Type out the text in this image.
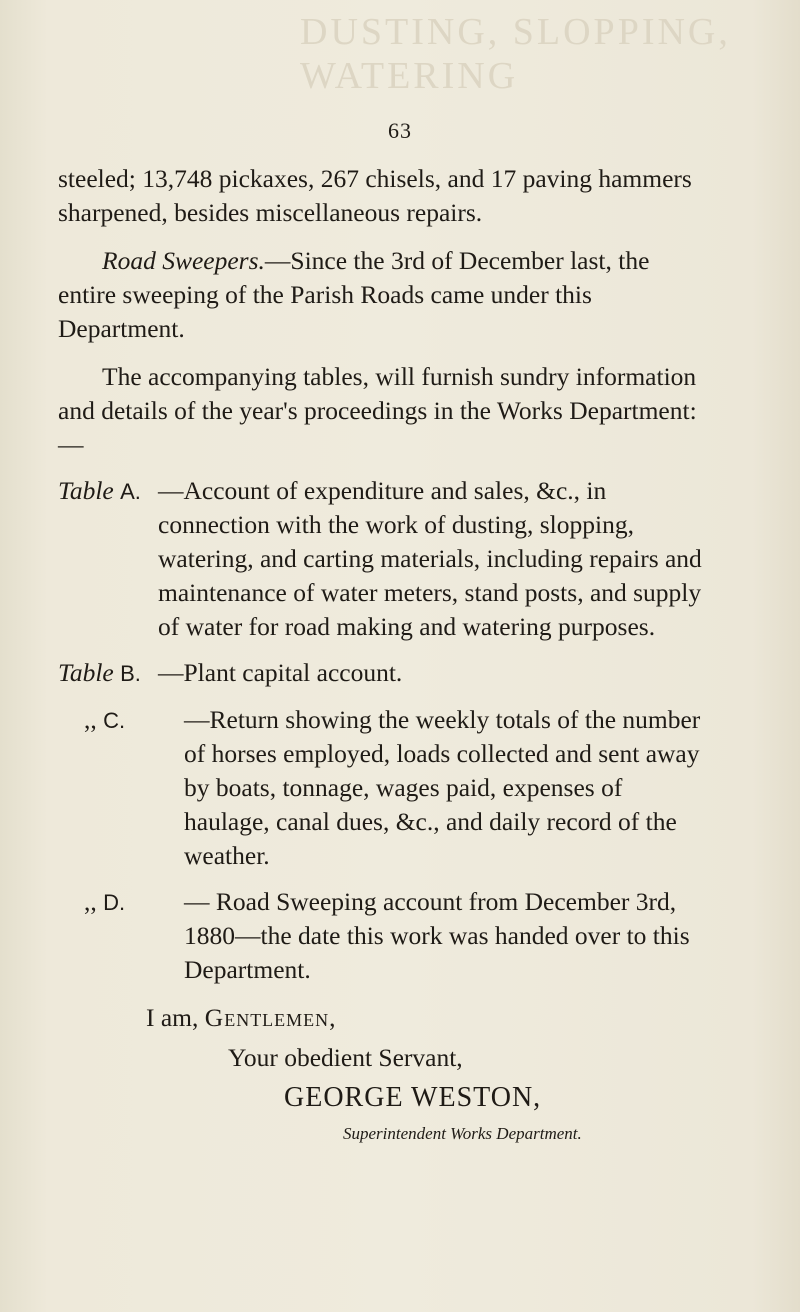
DUSTING, SLOPPING, WATERING
63

steeled; 13,748 pickaxes, 267 chisels, and 17 paving hammers sharpened, besides miscellaneous repairs.

Road Sweepers.—Since the 3rd of December last, the entire sweeping of the Parish Roads came under this Department.

The accompanying tables, will furnish sundry information and details of the year's proceedings in the Works Department:—

Table A. —Account of expenditure and sales, &c., in connection with the work of dusting, slopping, watering, and carting materials, including repairs and maintenance of water meters, stand posts, and supply of water for road making and watering purposes.
Table B. —Plant capital account.
,, C.	—Return showing the weekly totals of the number of horses employed, loads collected and sent away by boats, tonnage, wages paid, expenses of haulage, canal dues, &c., and daily record of the weather.
,, D.	— Road Sweeping account from December 3rd, 1880—the date this work was handed over to this Department.

I am, Gentlemen,

Your obedient Servant,

GEORGE WESTON,

Superintendent Works Department.
